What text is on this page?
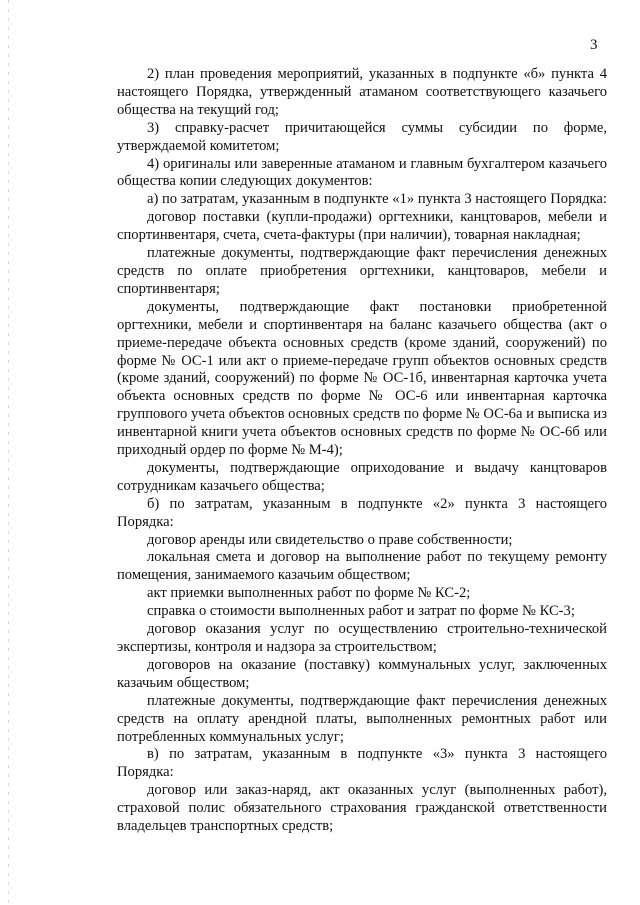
3

2) план проведения мероприятий, указанных в подпункте «б» пункта 4 настоящего Порядка, утвержденный атаманом соответствующего казачьего общества на текущий год;

3) справку-расчет причитающейся суммы субсидии по форме, утверждаемой комитетом;

4) оригиналы или заверенные атаманом и главным бухгалтером казачьего общества копии следующих документов:

а) по затратам, указанным в подпункте «1» пункта 3 настоящего Порядка:

договор поставки (купли-продажи) оргтехники, канцтоваров, мебели и спортинвентаря, счета, счета-фактуры (при наличии), товарная накладная;

платежные документы, подтверждающие факт перечисления денежных средств по оплате приобретения оргтехники, канцтоваров, мебели и спортинвентаря;

документы, подтверждающие факт постановки приобретенной оргтехники, мебели и спортинвентаря на баланс казачьего общества (акт о приеме-передаче объекта основных средств (кроме зданий, сооружений) по форме № ОС-1 или акт о приеме-передаче групп объектов основных средств (кроме зданий, сооружений) по форме № ОС-1б, инвентарная карточка учета объекта основных средств по форме № ОС-6 или инвентарная карточка группового учета объектов основных средств по форме № ОС-6а и выписка из инвентарной книги учета объектов основных средств по форме № ОС-6б или приходный ордер по форме № М-4);

документы, подтверждающие оприходование и выдачу канцтоваров сотрудникам казачьего общества;

б) по затратам, указанным в подпункте «2» пункта 3 настоящего Порядка:

договор аренды или свидетельство о праве собственности;

локальная смета и договор на выполнение работ по текущему ремонту помещения, занимаемого казачьим обществом;

акт приемки выполненных работ по форме № КС-2;

справка о стоимости выполненных работ и затрат по форме № КС-3;

договор оказания услуг по осуществлению строительно-технической экспертизы, контроля и надзора за строительством;

договоров на оказание (поставку) коммунальных услуг, заключенных казачьим обществом;

платежные документы, подтверждающие факт перечисления денежных средств на оплату арендной платы, выполненных ремонтных работ или потребленных коммунальных услуг;

в) по затратам, указанным в подпункте «3» пункта 3 настоящего Порядка:

договор или заказ-наряд, акт оказанных услуг (выполненных работ), страховой полис обязательного страхования гражданской ответственности владельцев транспортных средств;
